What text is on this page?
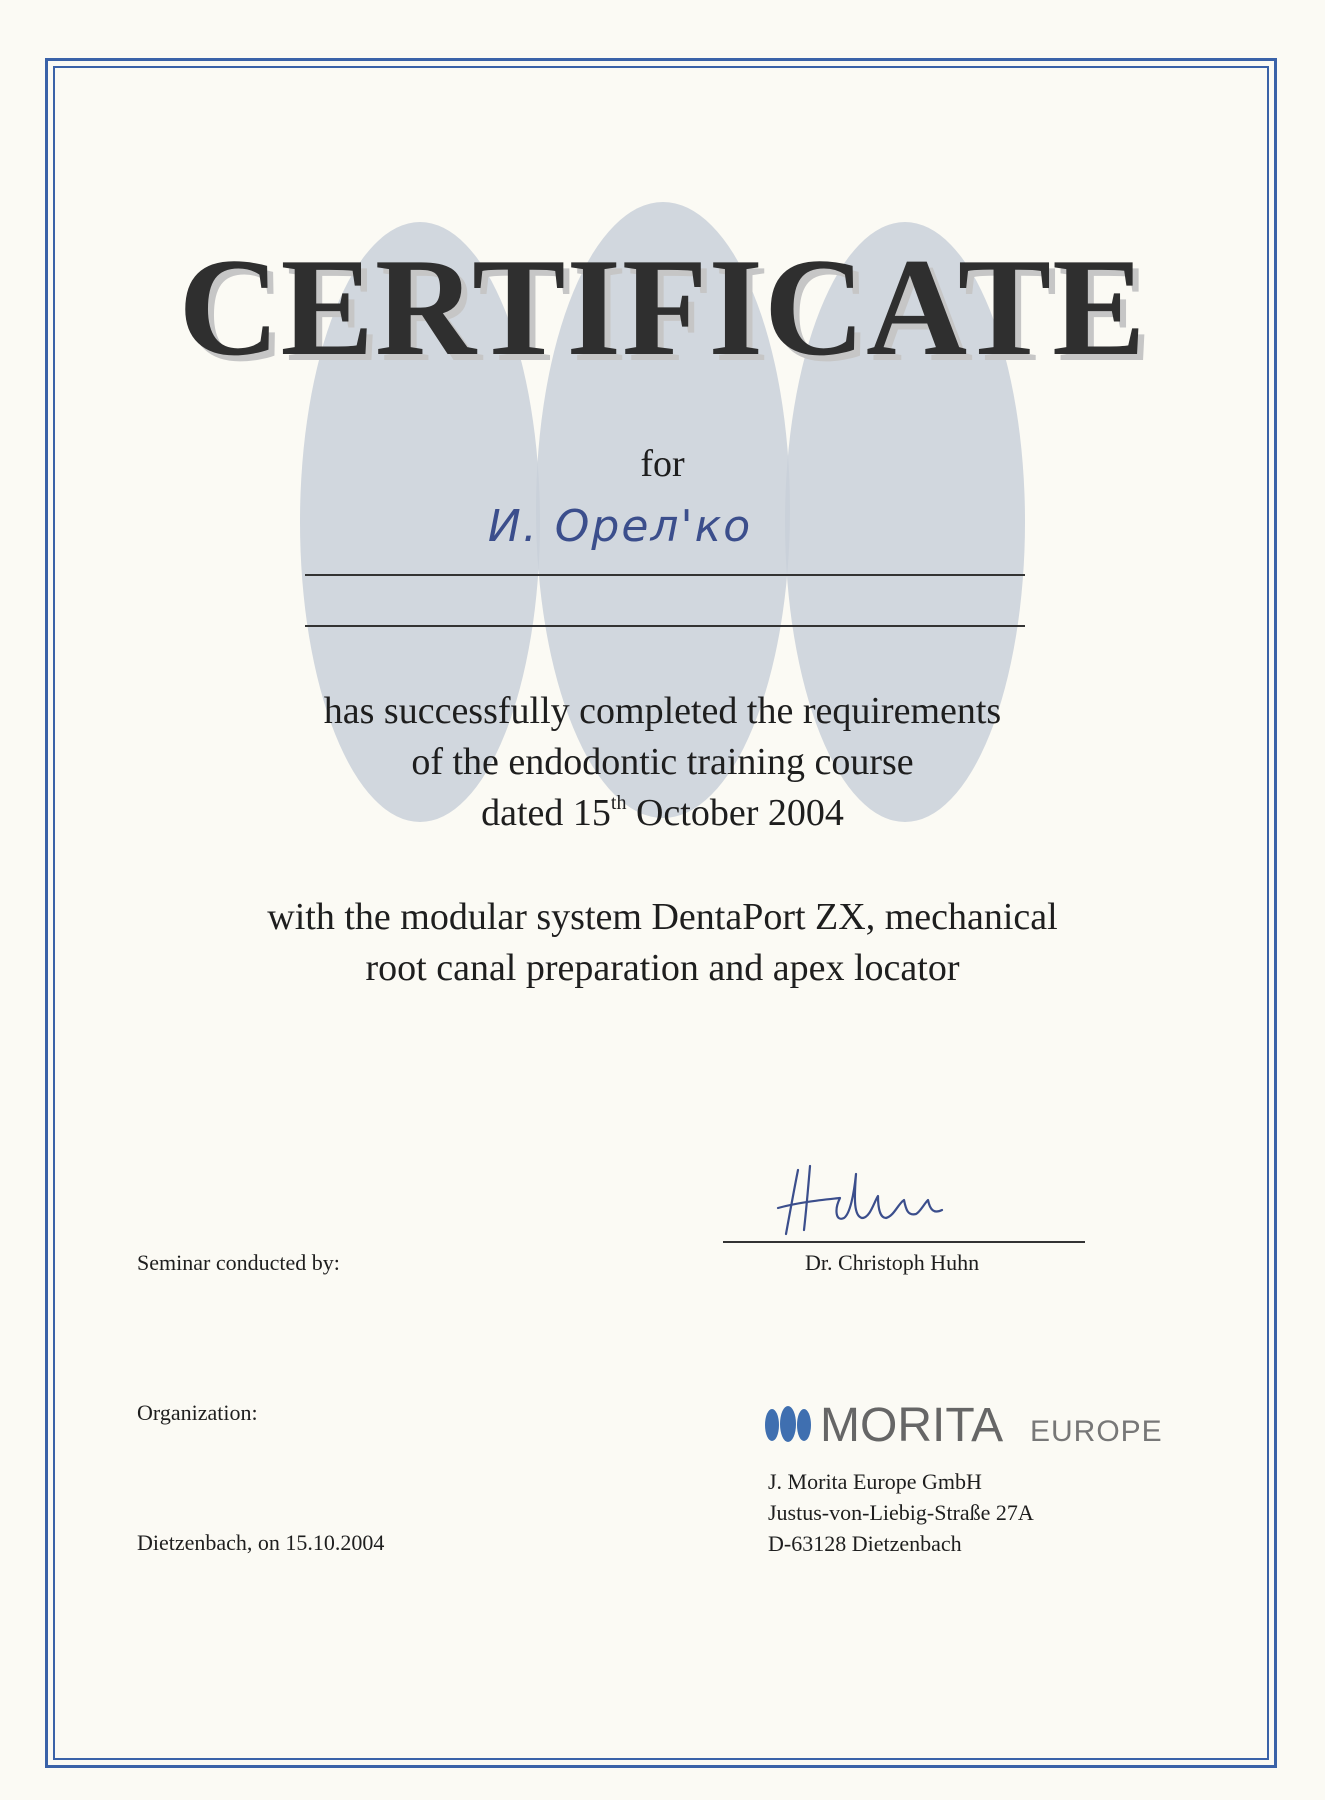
CERTIFICATE
for
И. Орел'ко
has successfully completed the requirements
of the endodontic training course
dated 15th October 2004
with the modular system DentaPort ZX, mechanical
root canal preparation and apex locator
Seminar conducted by:	Dr. Christoph Huhn
Organization:	MORITA EUROPE
J. Morita Europe GmbH
Justus-von-Liebig-Straße 27A
D-63128 Dietzenbach
Dietzenbach, on 15.10.2004
